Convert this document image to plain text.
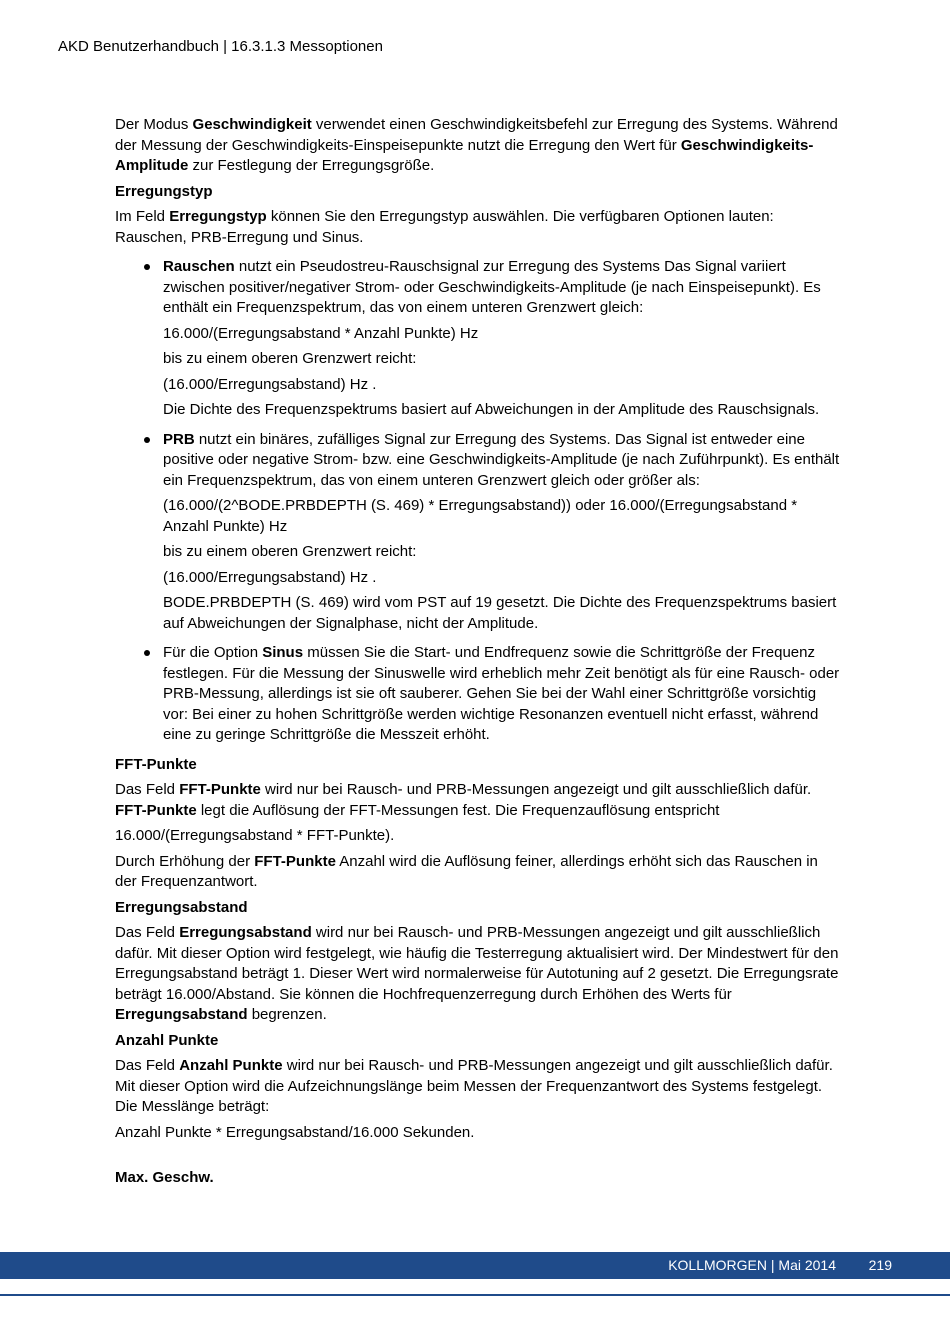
AKD Benutzerhandbuch | 16.3.1.3 Messoptionen

Der Modus Geschwindigkeit verwendet einen Geschwindigkeitsbefehl zur Erregung des Systems. Während der Messung der Geschwindigkeits-Einspeisepunkte nutzt die Erregung den Wert für Geschwindigkeits-Amplitude zur Festlegung der Erregungsgröße.

Erregungstyp

Im Feld Erregungstyp können Sie den Erregungstyp auswählen. Die verfügbaren Optionen lauten: Rauschen, PRB-Erregung und Sinus.

Rauschen nutzt ein Pseudostreu-Rauschsignal zur Erregung des Systems Das Signal variiert zwischen positiver/negativer Strom- oder Geschwindigkeits-Amplitude (je nach Einspeisepunkt). Es enthält ein Frequenzspektrum, das von einem unteren Grenzwert gleich:

16.000/(Erregungsabstand * Anzahl Punkte) Hz

bis zu einem oberen Grenzwert reicht:

(16.000/Erregungsabstand) Hz .

Die Dichte des Frequenzspektrums basiert auf Abweichungen in der Amplitude des Rauschsignals.

PRB nutzt ein binäres, zufälliges Signal zur Erregung des Systems. Das Signal ist entweder eine positive oder negative Strom- bzw. eine Geschwindigkeits-Amplitude (je nach Zuführpunkt). Es enthält ein Frequenzspektrum, das von einem unteren Grenzwert gleich oder größer als:

(16.000/(2^BODE.PRBDEPTH (S. 469) * Erregungsabstand)) oder 16.000/(Erregungsabstand * Anzahl Punkte) Hz

bis zu einem oberen Grenzwert reicht:

(16.000/Erregungsabstand) Hz .

BODE.PRBDEPTH (S. 469) wird vom PST auf 19 gesetzt. Die Dichte des Frequenzspektrums basiert auf Abweichungen der Signalphase, nicht der Amplitude.

Für die Option Sinus müssen Sie die Start- und Endfrequenz sowie die Schrittgröße der Frequenz festlegen. Für die Messung der Sinuswelle wird erheblich mehr Zeit benötigt als für eine Rausch- oder PRB-Messung, allerdings ist sie oft sauberer. Gehen Sie bei der Wahl einer Schrittgröße vorsichtig vor: Bei einer zu hohen Schrittgröße werden wichtige Resonanzen eventuell nicht erfasst, während eine zu geringe Schrittgröße die Messzeit erhöht.

FFT-Punkte

Das Feld FFT-Punkte wird nur bei Rausch- und PRB-Messungen angezeigt und gilt ausschließlich dafür. FFT-Punkte legt die Auflösung der FFT-Messungen fest. Die Frequenzauflösung entspricht

16.000/(Erregungsabstand * FFT-Punkte).

Durch Erhöhung der FFT-Punkte Anzahl wird die Auflösung feiner, allerdings erhöht sich das Rauschen in der Frequenzantwort.

Erregungsabstand

Das Feld Erregungsabstand wird nur bei Rausch- und PRB-Messungen angezeigt und gilt ausschließlich dafür. Mit dieser Option wird festgelegt, wie häufig die Testerregung aktualisiert wird. Der Mindestwert für den Erregungsabstand beträgt 1. Dieser Wert wird normalerweise für Autotuning auf 2 gesetzt. Die Erregungsrate beträgt 16.000/Abstand. Sie können die Hochfrequenzerregung durch Erhöhen des Werts für Erregungsabstand begrenzen.

Anzahl Punkte

Das Feld Anzahl Punkte wird nur bei Rausch- und PRB-Messungen angezeigt und gilt ausschließlich dafür. Mit dieser Option wird die Aufzeichnungslänge beim Messen der Frequenzantwort des Systems festgelegt. Die Messlänge beträgt:

Anzahl Punkte * Erregungsabstand/16.000 Sekunden.

Max. Geschw.
KOLLMORGEN | Mai 2014 219
